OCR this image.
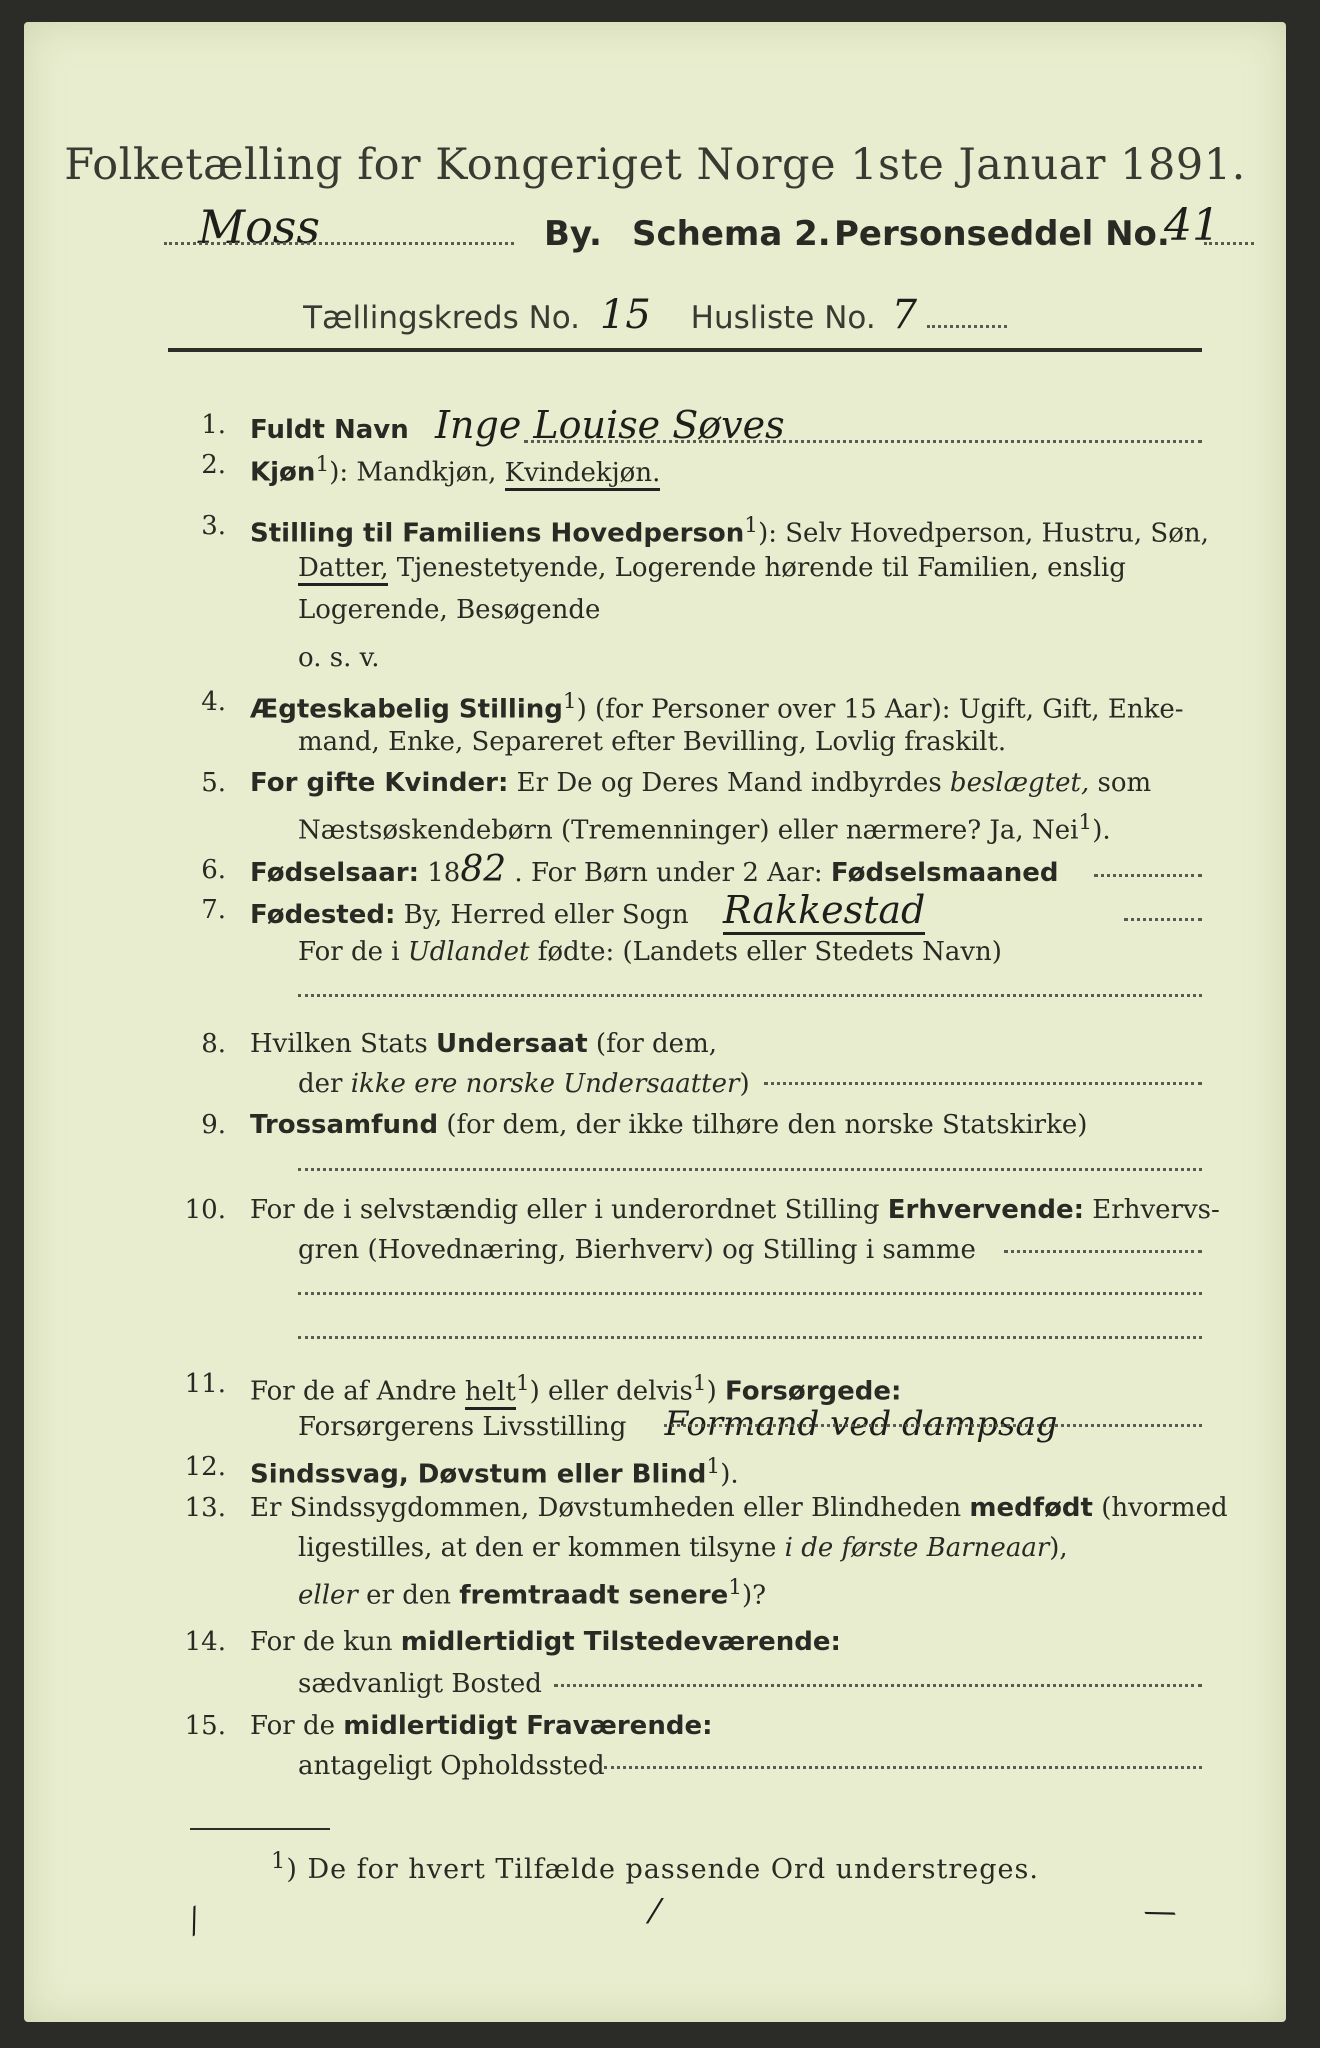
Folketælling for Kongeriget Norge 1ste Januar 1891.
Moss	By. Schema 2. Personseddel No.
41
Tællingskreds No. 15 Husliste No. 7
1. Fuldt Navn Inge Louise Søves
2. Kjøn$^1$): Mandkjøn, Kvindekjøn.
3. Stilling til Familiens Hovedperson$^1$): Selv Hovedperson, Hustru, Søn,
Datter, Tjenestetyende, Logerende hørende til Familien, enslig
Logerende, Besøgende
o. s. v.
4. Ægteskabelig Stilling$^1$) (for Personer over 15 Aar): Ugift, Gift, Enke-
mand, Enke, Separeret efter Bevilling, Lovlig fraskilt.
5. For gifte Kvinder: Er De og Deres Mand indbyrdes beslægtet, som
Næstsøskendebørn (Tremenninger) eller nærmere? Ja, Nei$^1$).
6. Fødselsaar: 1882 . For Børn under 2 Aar: Fødselsmaaned
7. Fødested: By, Herred eller Sogn Rakkestad
For de i Udlandet fødte: (Landets eller Stedets Navn)
8. Hvilken Stats Undersaat (for dem,
der ikke ere norske Undersaatter)
9. Trossamfund (for dem, der ikke tilhøre den norske Statskirke)
10. For de i selvstændig eller i underordnet Stilling Erhvervende: Erhvervs-
gren (Hovednæring, Bierhverv) og Stilling i samme
11. For de af Andre helt$^1$) eller delvis$^1$) Forsørgede:
Forsørgerens Livsstilling Formand ved dampsag
12. Sindssvag, Døvstum eller Blind$^1$).
13. Er Sindssygdommen, Døvstumheden eller Blindheden medfødt (hvormed
ligestilles, at den er kommen tilsyne i de første Barneaar),
eller er den fremtraadt senere$^1$)?
14. For de kun midlertidigt Tilstedeværende:
sædvanligt Bosted
15. For de midlertidigt Fraværende:
antageligt Opholdssted
$^1$) De for hvert Tilfælde passende Ord understreges.
⁄	⁄	⁄
